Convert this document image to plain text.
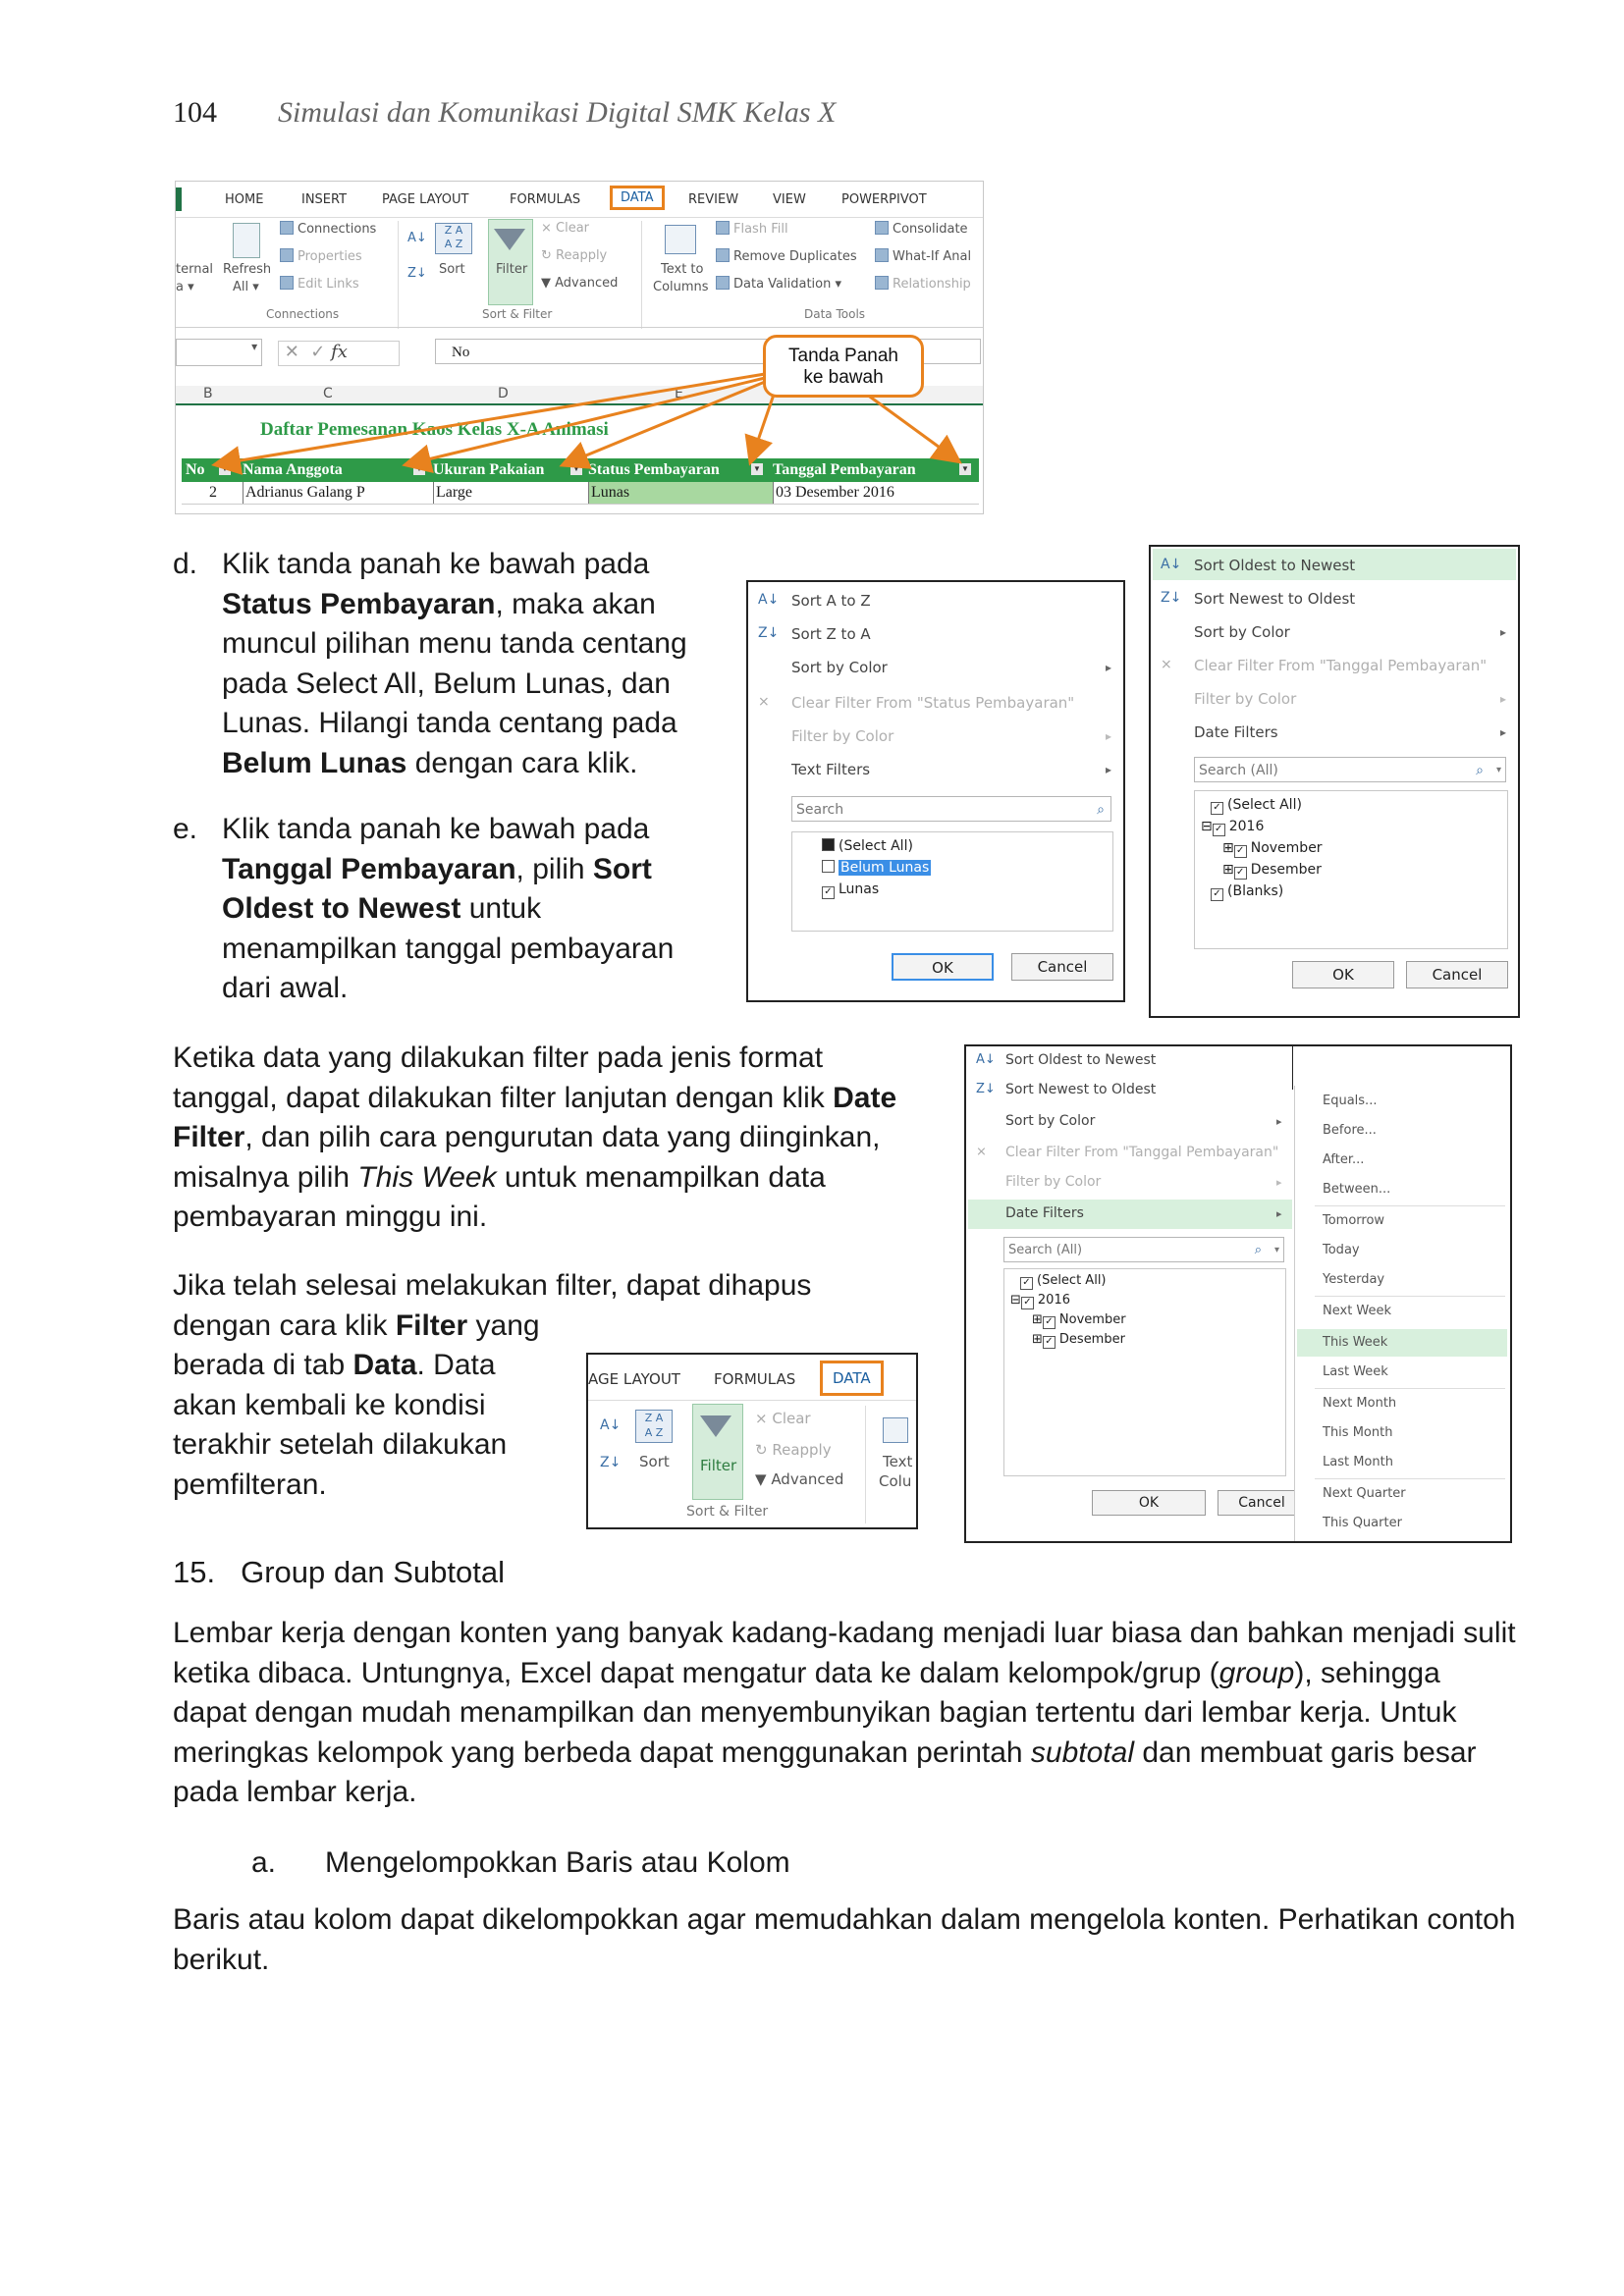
104 Simulasi dan Komunikasi Digital SMK Kelas X
HOME	INSERT	PAGE LAYOUT	FORMULAS	DATA	REVIEW	VIEW	POWERPIVOT
ternal
a ▾
Refresh
All ▾
Connections
Properties
Edit Links
Connections
A↓
Z↓
Z A
A Z
Sort Filter
⨯ Clear
↻ Reapply
▼ Advanced
Sort & Filter
Text to
Columns
Flash Fill
Remove Duplicates
Data Validation ▾
Consolidate
What-If Anal
Relationship
Data Tools
▾ ✕  ✓ fx	No
B	C	D	E
Daftar Pemesanan Kaos Kelas X-A Animasi
No ▼ Nama Anggota	▼ Ukuran Pakaian	▼ Status Pembayaran	▼ Tanggal Pembayaran	▼
2 Adrianus Galang P	Large	Lunas	03 Desember 2016
Tanda Panah
ke bawah
d. Klik tanda panah ke bawah pada
Status Pembayaran, maka akan
muncul pilihan menu tanda centang
pada Select All, Belum Lunas, dan
Lunas. Hilangi tanda centang pada
Belum Lunas dengan cara klik.
e. Klik tanda panah ke bawah pada
Tanggal Pembayaran, pilih Sort
Oldest to Newest untuk
menampilkan tanggal pembayaran
dari awal.
A↓ Sort A to Z
Z↓ Sort Z to A
Sort by Color	▸
⨯ Clear Filter From "Status Pembayaran"
Filter by Color	▸
Text Filters	▸
Search	⌕
(Select All)
Belum Lunas
✓ Lunas
OK	Cancel
A↓ Sort Oldest to Newest
Z↓ Sort Newest to Oldest
Sort by Color	▸
⨯ Clear Filter From "Tanggal Pembayaran"
Filter by Color	▸
Date Filters	▸
Search (All)	⌕ ▾
✓ (Select All)
⊟ ✓ 2016
⊞ ✓ November
⊞ ✓ Desember
✓ (Blanks)
OK	Cancel
Ketika data yang dilakukan filter pada jenis format
tanggal, dapat dilakukan filter lanjutan dengan klik Date
Filter, dan pilih cara pengurutan data yang diinginkan,
misalnya pilih This Week untuk menampilkan data
pembayaran minggu ini.
Jika telah selesai melakukan filter, dapat dihapus
dengan cara klik Filter yang
berada di tab Data. Data
akan kembali ke kondisi
terakhir setelah dilakukan
pemfilteran.
AGE LAYOUT FORMULAS	DATA
A↓
Z↓
Z A
A Z
Sort Filter
⨯ Clear
↻ Reapply
▼ Advanced
Sort & Filter
Text
Colu
A↓ Sort Oldest to Newest
Z↓ Sort Newest to Oldest
Sort by Color	▸
⨯ Clear Filter From "Tanggal Pembayaran"
Filter by Color	▸
Date Filters	▸
Search (All)	⌕ ▾
✓ (Select All)
⊟ ✓ 2016
⊞ ✓ November
⊞ ✓ Desember
OK	Cancel
Equals...
Before...
After...
Between...
Tomorrow
Today
Yesterday
Next Week
This Week
Last Week
Next Month
This Month
Last Month
Next Quarter
This Quarter
15. Group dan Subtotal
Lembar kerja dengan konten yang banyak kadang-kadang menjadi luar biasa dan bahkan menjadi sulit
ketika dibaca. Untungnya, Excel dapat mengatur data ke dalam kelompok/grup (group), sehingga
dapat dengan mudah menampilkan dan menyembunyikan bagian tertentu dari lembar kerja. Untuk
meringkas kelompok yang berbeda dapat menggunakan perintah subtotal dan membuat garis besar
pada lembar kerja.
a. Mengelompokkan Baris atau Kolom
Baris atau kolom dapat dikelompokkan agar memudahkan dalam mengelola konten. Perhatikan contoh
berikut.
